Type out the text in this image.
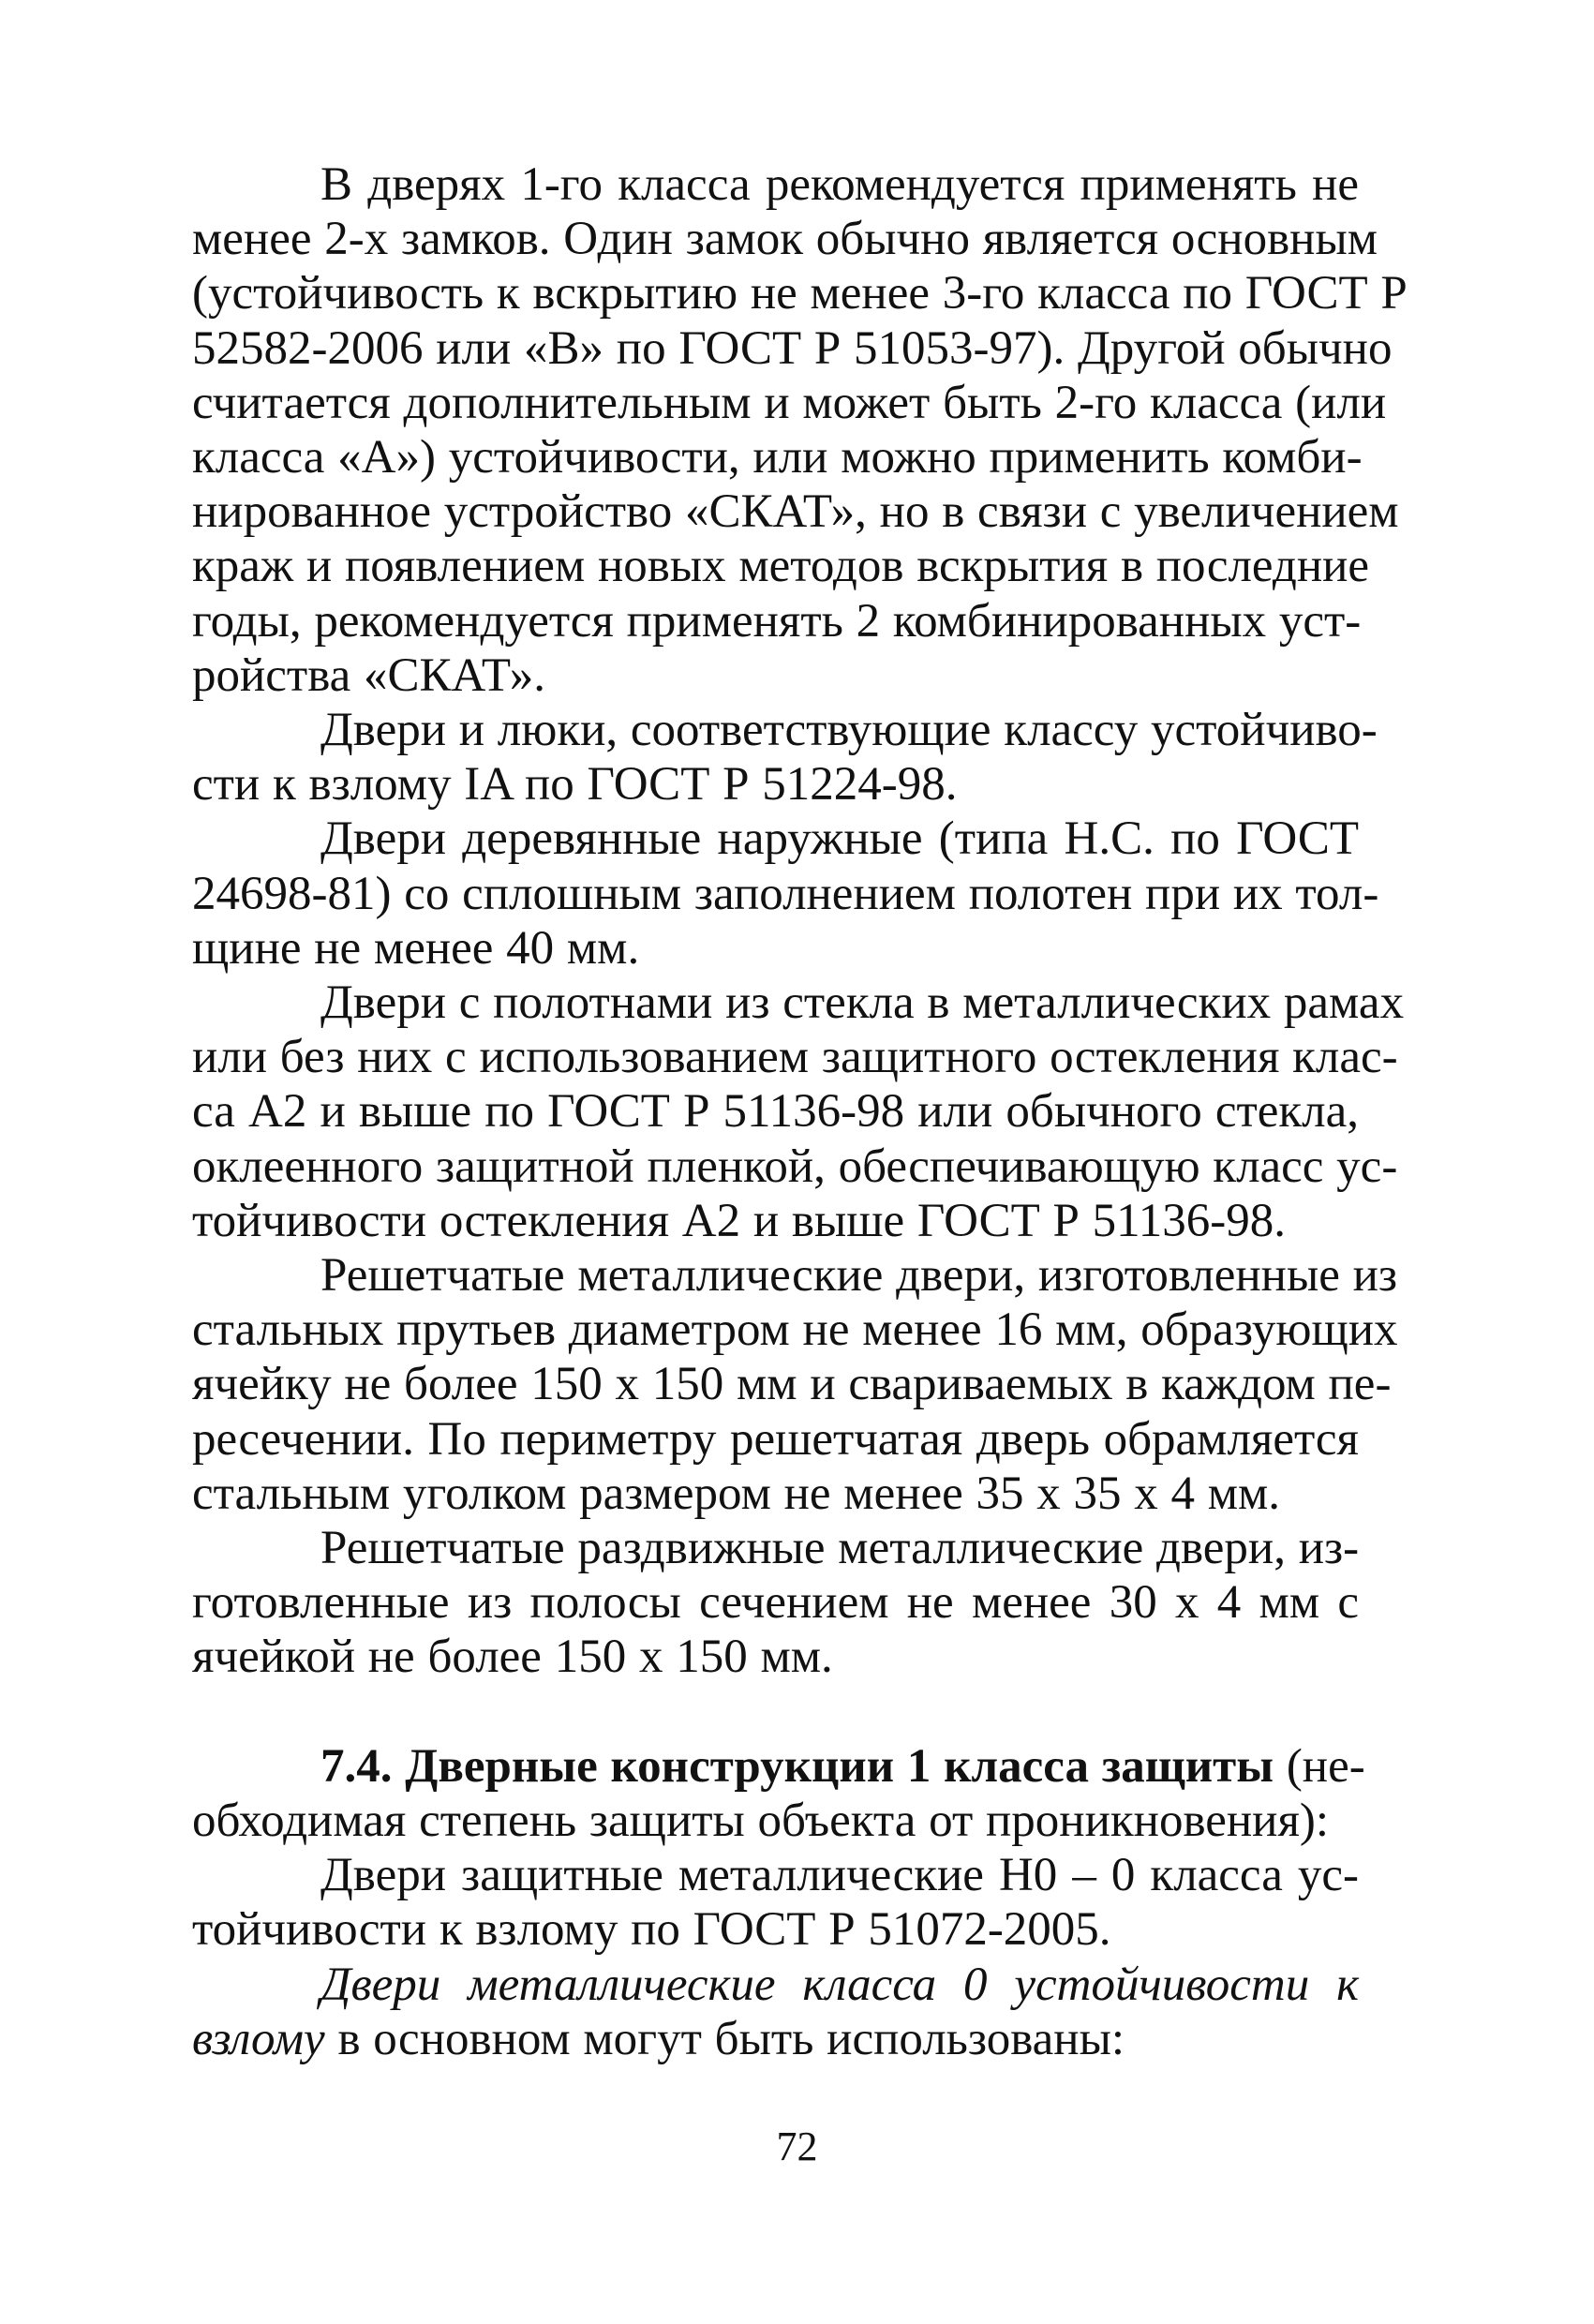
В дверях 1-го класса рекомендуется применять не
менее 2-х замков. Один замок обычно является основным
(устойчивость к вскрытию не менее 3-го класса по ГОСТ Р
52582-2006 или «В» по ГОСТ Р 51053-97). Другой обычно
считается дополнительным и может быть 2-го класса (или
класса «А») устойчивости, или можно применить комби-
нированное устройство «СКАТ», но в связи с увеличением
краж и появлением новых методов вскрытия в последние
годы, рекомендуется применять 2 комбинированных уст-
ройства «СКАТ».
Двери и люки, соответствующие классу устойчиво-
сти к взлому IA по ГОСТ Р 51224-98.
Двери деревянные наружные (типа Н.С. по ГОСТ
24698-81) со сплошным заполнением полотен при их тол-
щине не менее 40 мм.
Двери с полотнами из стекла в металлических рамах
или без них с использованием защитного остекления клас-
са А2 и выше по ГОСТ Р 51136-98 или обычного стекла,
оклеенного защитной пленкой, обеспечивающую класс ус-
тойчивости остекления А2 и выше ГОСТ Р 51136-98.
Решетчатые металлические двери, изготовленные из
стальных прутьев диаметром не менее 16 мм, образующих
ячейку не более 150 х 150 мм и свариваемых в каждом пе-
ресечении. По периметру решетчатая дверь обрамляется
стальным уголком размером не менее 35 х 35 х 4 мм.
Решетчатые раздвижные металлические двери, из-
готовленные из полосы сечением не менее 30 х 4 мм с
ячейкой не более 150 х 150 мм.
7.4. Дверные конструкции 1 класса защиты (не-
обходимая степень защиты объекта от проникновения):
Двери защитные металлические Н0 – 0 класса ус-
тойчивости к взлому по ГОСТ Р 51072-2005.
Двери металлические класса 0 устойчивости к
взлому в основном могут быть использованы:
72
